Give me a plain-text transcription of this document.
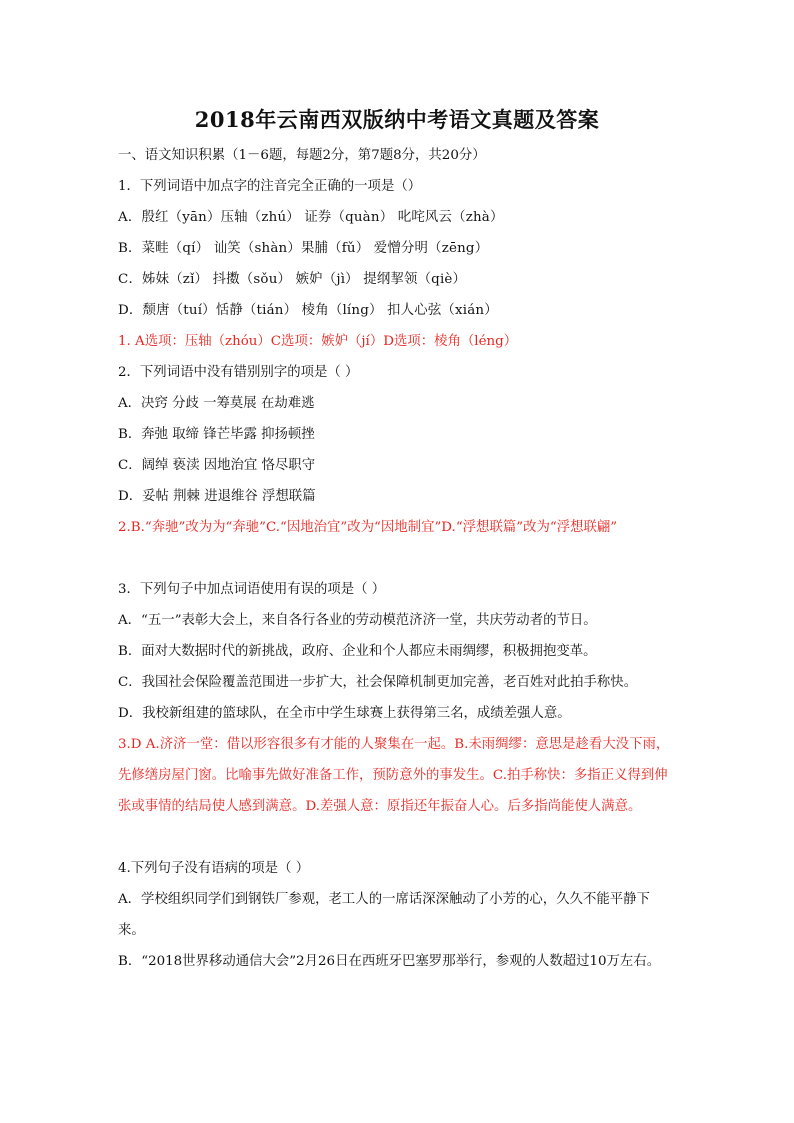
2018年云南西双版纳中考语文真题及答案
一、语文知识积累（1－6题，每题2分，第7题8分，共20分）
1．下列词语中加点字的注音完全正确的一项是（）
A．殷红（yān）压轴（zhú） 证券（quàn） 叱咤风云（zhà）
B．菜畦（qí） 讪笑（shàn）果脯（fǔ） 爱憎分明（zēng）
C．姊妹（zǐ） 抖擞（sǒu） 嫉妒（jì） 提纲挈领（qiè）
D．颓唐（tuí）恬静（tián） 棱角（líng） 扣人心弦（xián）
1. A选项：压轴（zhóu）C选项：嫉妒（jí）D选项：棱角（léng）
2．下列词语中没有错别别字的项是（ ）
A．决窍 分歧 一筹莫展 在劫难逃
B．奔弛 取缔 锋芒毕露 抑扬顿挫
C．阔绰 亵渎 因地治宜 恪尽职守
D．妥帖 荆棘 进退维谷 浮想联篇
2.B.“奔驰”改为为“奔驰”C.“因地治宜”改为“因地制宜”D.“浮想联篇”改为“浮想联翩”
3．下列句子中加点词语使用有误的项是（ ）
A．“五一”表彰大会上，来自各行各业的劳动模范济济一堂，共庆劳动者的节日。
B．面对大数据时代的新挑战，政府、企业和个人都应未雨绸缪，积极拥抱变革。
C．我国社会保险覆盖范围进一步扩大，社会保障机制更加完善，老百姓对此拍手称快。
D．我校新组建的篮球队，在全市中学生球赛上获得第三名，成绩差强人意。
3.D A.济济一堂：借以形容很多有才能的人聚集在一起。B.未雨绸缪：意思是趁看大没下雨，先修缮房屋门窗。比喻事先做好准备工作，预防意外的事发生。C.拍手称快：多指正义得到伸张或事情的结局使人感到满意。D.差强人意：原指还年振奋人心。后多指尚能使人满意。
4.下列句子没有语病的项是（ ）
A．学校组织同学们到钢铁厂参观，老工人的一席话深深触动了小芳的心，久久不能平静下来。
B．“2018世界移动通信大会”2月26日在西班牙巴塞罗那举行，参观的人数超过10万左右。
